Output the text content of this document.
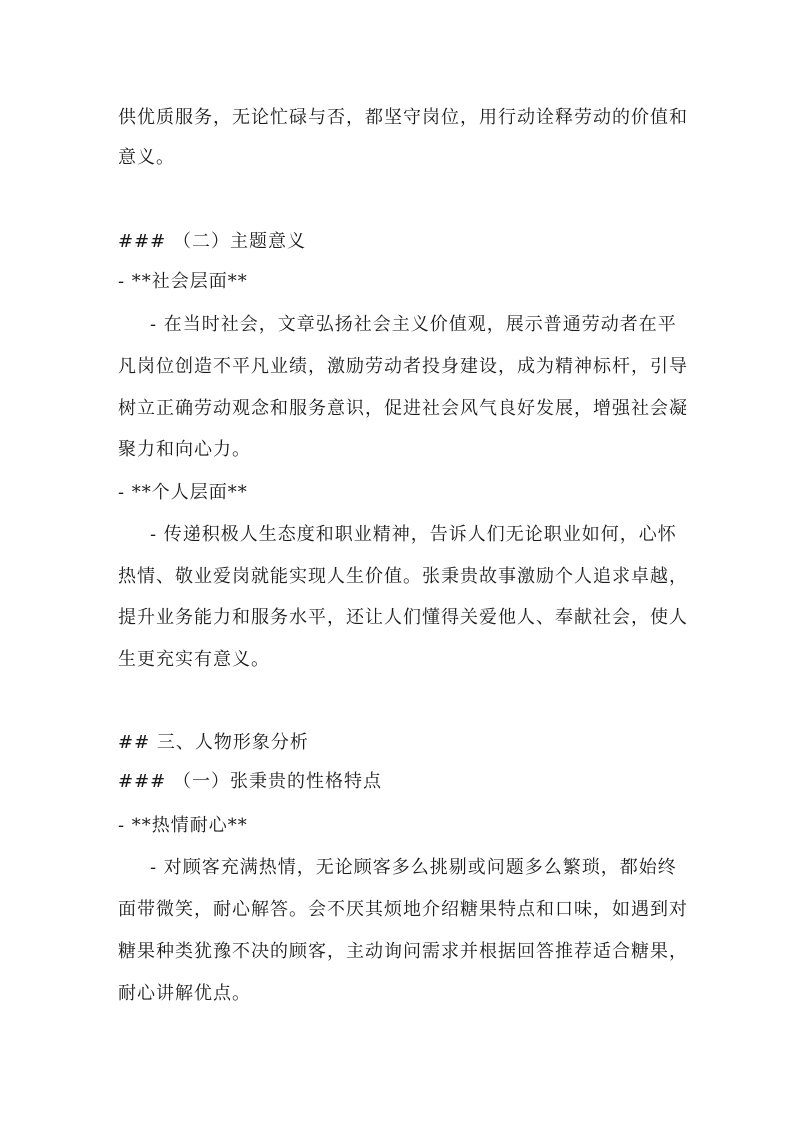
供优质服务，无论忙碌与否，都坚守岗位，用行动诠释劳动的价值和
意义。
### （二）主题意义
- **社会层面**
- 在当时社会，文章弘扬社会主义价值观，展示普通劳动者在平
凡岗位创造不平凡业绩，激励劳动者投身建设，成为精神标杆，引导
树立正确劳动观念和服务意识，促进社会风气良好发展，增强社会凝
聚力和向心力。
- **个人层面**
- 传递积极人生态度和职业精神，告诉人们无论职业如何，心怀
热情、敬业爱岗就能实现人生价值。张秉贵故事激励个人追求卓越，
提升业务能力和服务水平，还让人们懂得关爱他人、奉献社会，使人
生更充实有意义。
## 三、人物形象分析
### （一）张秉贵的性格特点
- **热情耐心**
- 对顾客充满热情，无论顾客多么挑剔或问题多么繁琐，都始终
面带微笑，耐心解答。会不厌其烦地介绍糖果特点和口味，如遇到对
糖果种类犹豫不决的顾客，主动询问需求并根据回答推荐适合糖果，
耐心讲解优点。
